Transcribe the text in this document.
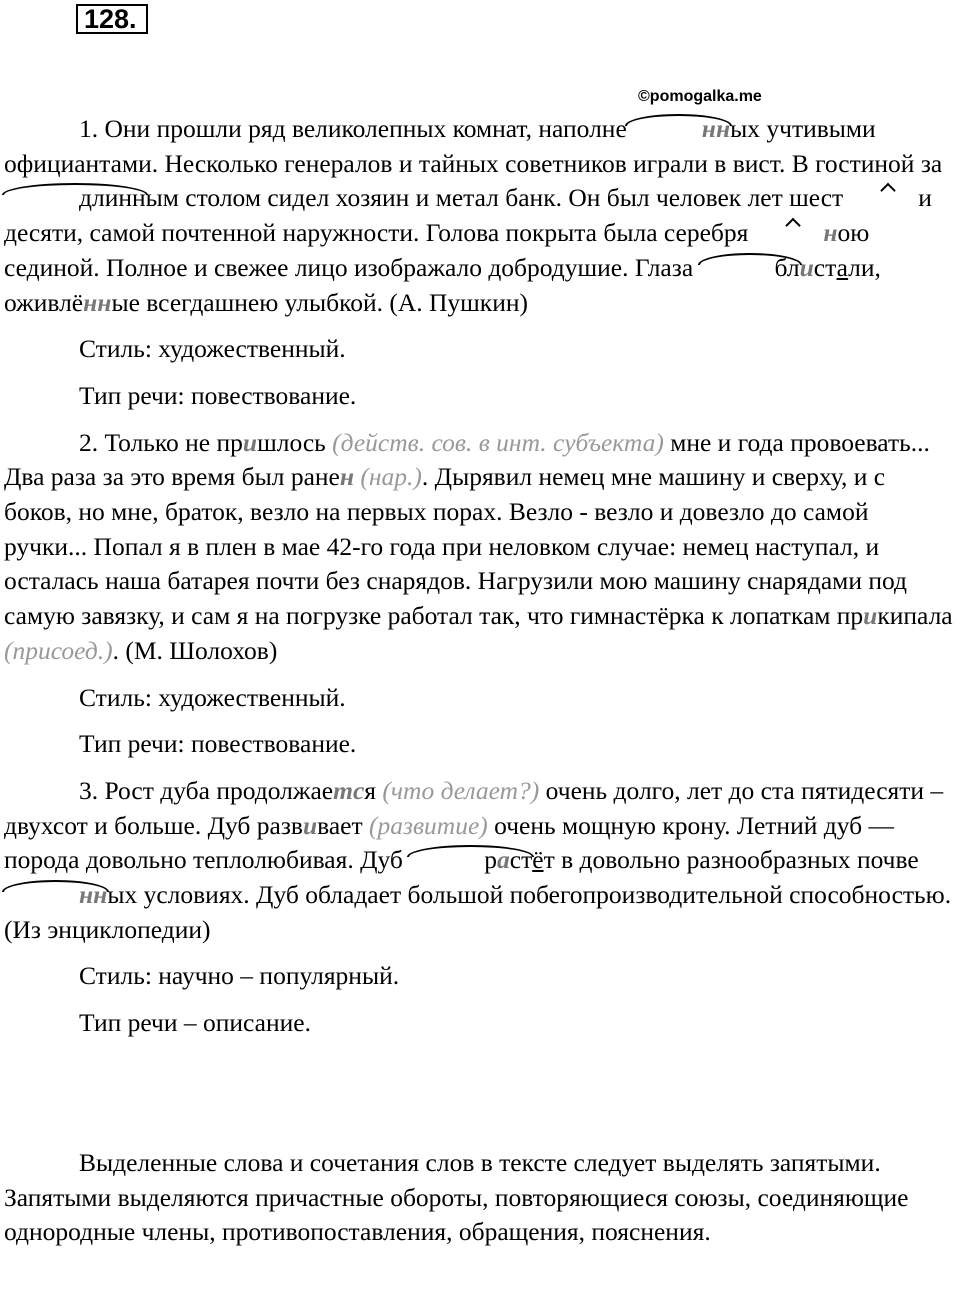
128.
©pomogalka.me

1. Они прошли ряд великолепных комнат, наполне	нных учтивыми официантами. Несколько генералов и тайных советников играли в вист. В гостиной за длинным столом сидел хозяин и метал банк. Он был человек лет шест	идесяти, самой почтенной наружности. Голова покрыта была серебря	ною сединой. Полное и свежее лицо изображало добродушие. Глаза	блистали, оживлённые всегдашнею улыбкой. (А. Пушкин)

Стиль: художественный.

Тип речи: повествование.

2. Только не пришлось (действ. сов. в инт. субъекта) мне и года провоевать... Два раза за это время был ранен (нар.). Дырявил немец мне машину и сверху, и с боков, но мне, браток, везло на первых порах. Везло - везло и довезло до самой ручки... Попал я в плен в мае 42-го года при неловком случае: немец наступал, и осталась наша батарея почти без снарядов. Нагрузили мою машину снарядами под самую завязку, и сам я на погрузке работал так, что гимнастёрка к лопаткам прикипала (присоед.). (М. Шолохов)

Стиль: художественный.

Тип речи: повествование.

3. Рост дуба продолжается (что делает?) очень долго, лет до ста пятидесяти – двухсот и больше. Дуб развивает (развитие) очень мощную крону. Летний дуб — порода довольно теплолюбивая. Дуб	растёт в довольно разнообразных почвенных условиях. Дуб обладает большой побегопроизводительной способностью. (Из энциклопедии)

Стиль: научно – популярный.

Тип речи – описание.

Выделенные слова и сочетания слов в тексте следует выделять запятыми. Запятыми выделяются причастные обороты, повторяющиеся союзы, соединяющие однородные члены, противопоставления, обращения, пояснения.
